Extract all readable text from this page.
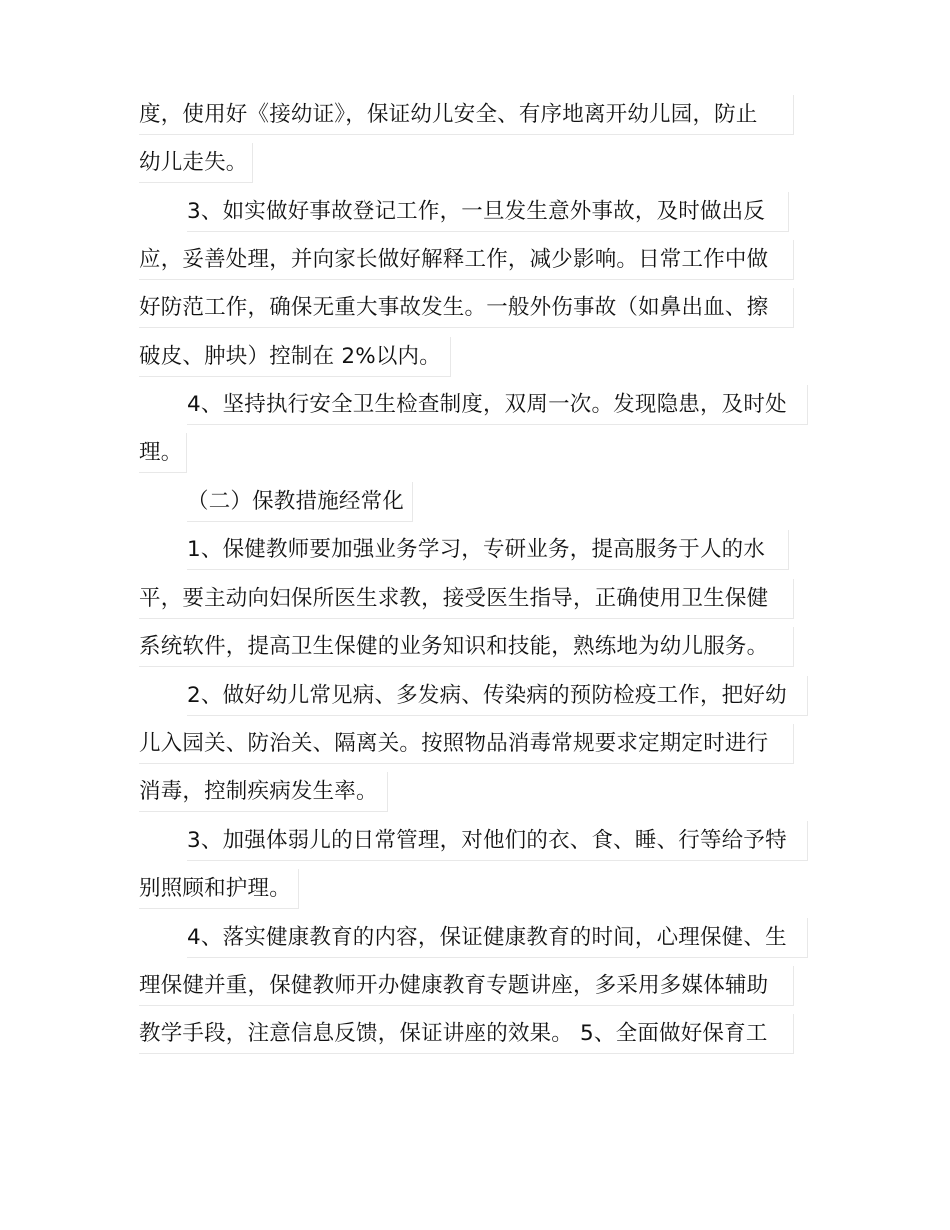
度，使用好《接幼证》，保证幼儿安全、有序地离开幼儿园，防止
幼儿走失。
3、如实做好事故登记工作，一旦发生意外事故，及时做出反
应，妥善处理，并向家长做好解释工作，减少影响。日常工作中做
好防范工作，确保无重大事故发生。一般外伤事故（如鼻出血、擦
破皮、肿块）控制在 2%以内。
4、坚持执行安全卫生检查制度，双周一次。发现隐患，及时处
理。
（二）保教措施经常化
1、保健教师要加强业务学习，专研业务，提高服务于人的水
平，要主动向妇保所医生求教，接受医生指导，正确使用卫生保健
系统软件，提高卫生保健的业务知识和技能，熟练地为幼儿服务。
2、做好幼儿常见病、多发病、传染病的预防检疫工作，把好幼
儿入园关、防治关、隔离关。按照物品消毒常规要求定期定时进行
消毒，控制疾病发生率。
3、加强体弱儿的日常管理，对他们的衣、食、睡、行等给予特
别照顾和护理。
4、落实健康教育的内容，保证健康教育的时间，心理保健、生
理保健并重，保健教师开办健康教育专题讲座，多采用多媒体辅助
教学手段，注意信息反馈，保证讲座的效果。 5、全面做好保育工
